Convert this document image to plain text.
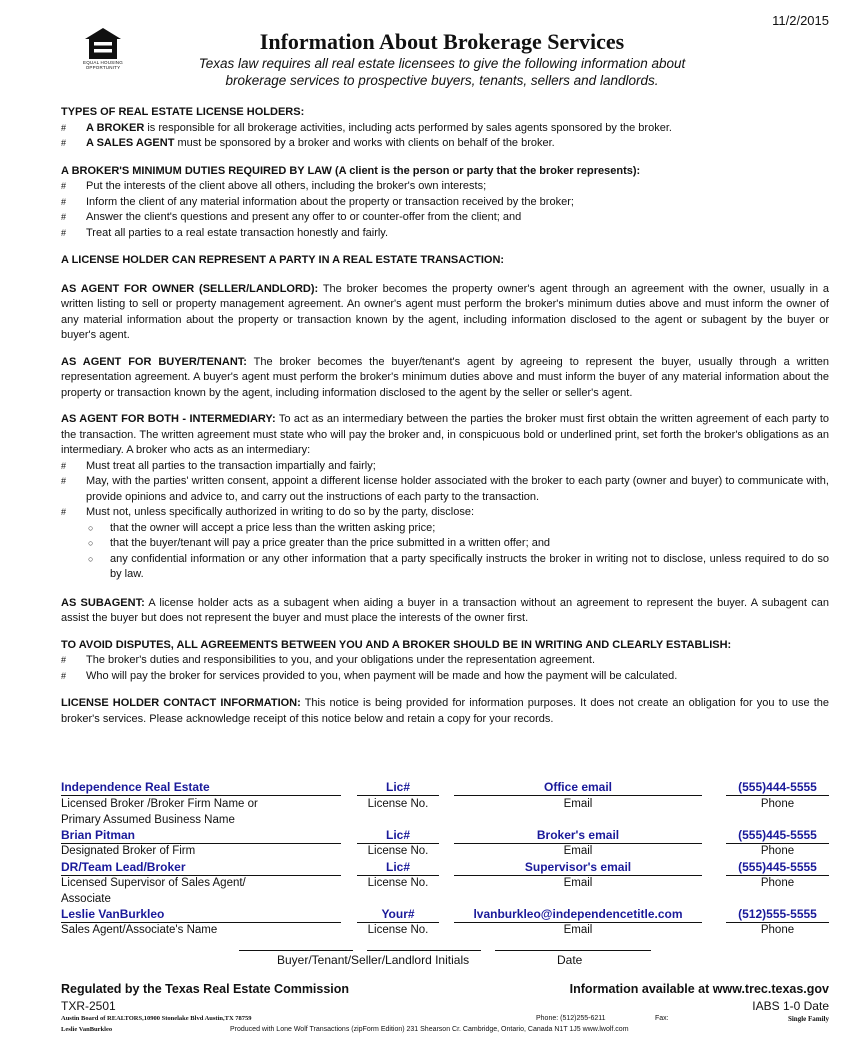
11/2/2015
EQUAL HOUSING
OPPORTUNITY
Information About Brokerage Services
Texas law requires all real estate licensees to give the following information about
brokerage services to prospective buyers, tenants, sellers and landlords.
TYPES OF REAL ESTATE LICENSE HOLDERS:
# A BROKER is responsible for all brokerage activities, including acts performed by sales agents sponsored by the broker.
# A SALES AGENT must be sponsored by a broker and works with clients on behalf of the broker.
A BROKER'S MINIMUM DUTIES REQUIRED BY LAW (A client is the person or party that the broker represents):
# Put the interests of the client above all others, including the broker's own interests;
# Inform the client of any material information about the property or transaction received by the broker;
# Answer the client's questions and present any offer to or counter-offer from the client; and
# Treat all parties to a real estate transaction honestly and fairly.
A LICENSE HOLDER CAN REPRESENT A PARTY IN A REAL ESTATE TRANSACTION:

AS AGENT FOR OWNER (SELLER/LANDLORD): The broker becomes the property owner's agent through an agreement with the owner, usually in a written listing to sell or property management agreement. An owner's agent must perform the broker's minimum duties above and must inform the owner of any material information about the property or transaction known by the agent, including information disclosed to the agent or subagent by the buyer or buyer's agent.

AS AGENT FOR BUYER/TENANT: The broker becomes the buyer/tenant's agent by agreeing to represent the buyer, usually through a written representation agreement. A buyer's agent must perform the broker's minimum duties above and must inform the buyer of any material information about the property or transaction known by the agent, including information disclosed to the agent by the seller or seller's agent.

AS AGENT FOR BOTH - INTERMEDIARY: To act as an intermediary between the parties the broker must first obtain the written agreement of each party to the transaction. The written agreement must state who will pay the broker and, in conspicuous bold or underlined print, set forth the broker's obligations as an intermediary. A broker who acts as an intermediary:

# Must treat all parties to the transaction impartially and fairly;
# May, with the parties' written consent, appoint a different license holder associated with the broker to each party (owner and buyer) to communicate with, provide opinions and advice to, and carry out the instructions of each party to the transaction.
# Must not, unless specifically authorized in writing to do so by the party, disclose:
○ that the owner will accept a price less than the written asking price;
○ that the buyer/tenant will pay a price greater than the price submitted in a written offer; and
○ any confidential information or any other information that a party specifically instructs the broker in writing not to disclose, unless required to do so by law.

AS SUBAGENT: A license holder acts as a subagent when aiding a buyer in a transaction without an agreement to represent the buyer. A subagent can assist the buyer but does not represent the buyer and must place the interests of the owner first.

TO AVOID DISPUTES, ALL AGREEMENTS BETWEEN YOU AND A BROKER SHOULD BE IN WRITING AND CLEARLY ESTABLISH:
# The broker's duties and responsibilities to you, and your obligations under the representation agreement.
# Who will pay the broker for services provided to you, when payment will be made and how the payment will be calculated.

LICENSE HOLDER CONTACT INFORMATION: This notice is being provided for information purposes. It does not create an obligation for you to use the broker's services. Please acknowledge receipt of this notice below and retain a copy for your records.

Independence Real Estate	Lic#	Office email	(555)444-5555
Licensed Broker /Broker Firm Name or	License No.	Email	Phone
Primary Assumed Business Name
Brian Pitman	Lic#	Broker's email	(555)445-5555
Designated Broker of Firm	License No.	Email	Phone
DR/Team Lead/Broker	Lic#	Supervisor's email	(555)445-5555
Licensed Supervisor of Sales Agent/	License No.	Email	Phone
Associate
Leslie VanBurkleo	Your#	lvanburkleo@independencetitle.com	(512)555-5555
Sales Agent/Associate's Name	License No.	Email	Phone
Buyer/Tenant/Seller/Landlord Initials	Date
Regulated by the Texas Real Estate Commission	Information available at www.trec.texas.gov
TXR-2501	IABS 1-0 Date
Austin Board of REALTORS,10900 Stonelake Blvd Austin,TX 78759	Phone: (512)255-6211	Fax:	Single Family
Leslie VanBurkleo	Produced with Lone Wolf Transactions (zipForm Edition) 231 Shearson Cr. Cambridge, Ontario, Canada N1T 1J5 www.lwolf.com
